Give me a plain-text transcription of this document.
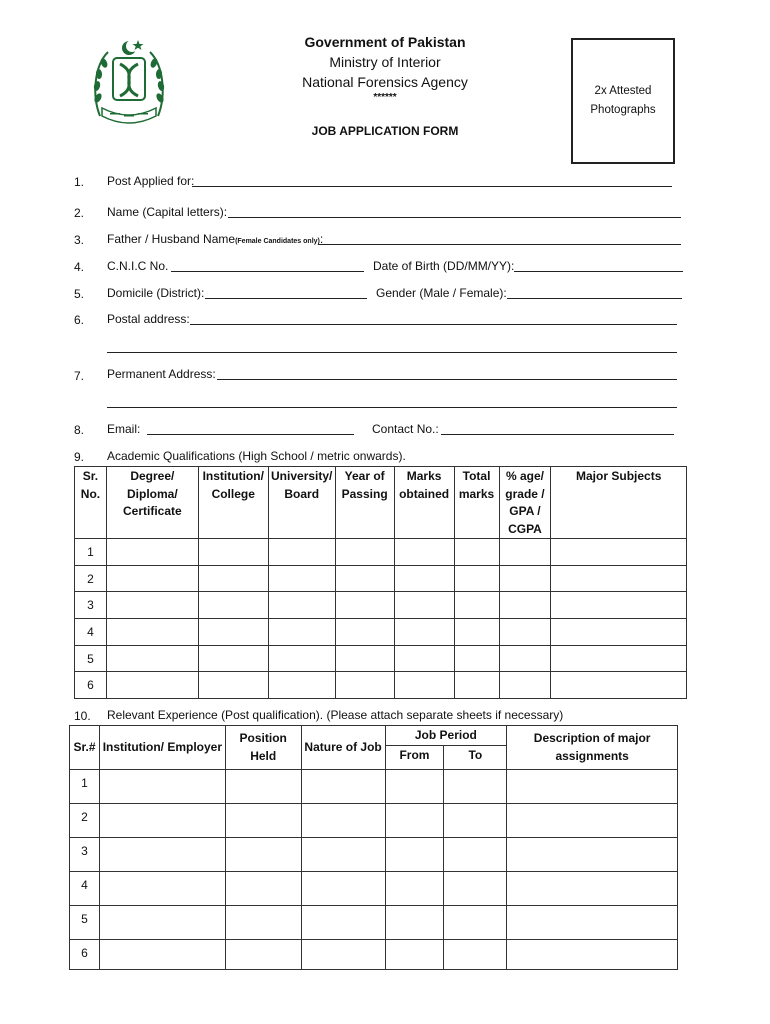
Government of Pakistan
Ministry of Interior
National Forensics Agency
******
JOB APPLICATION FORM
2x Attested
Photographs
1. Post Applied for:
2. Name (Capital letters):
3. Father / Husband Name(Female Candidates only):
4. C.N.I.C No.	Date of Birth (DD/MM/YY):
5. Domicile (District):	Gender (Male / Female):
6. Postal address:
7. Permanent Address:
8. Email:	Contact No.:
9. Academic Qualifications (High School / metric onwards).
Sr. No.	Degree/ Diploma/ Certificate	Institution/ College	University/ Board	Year of Passing	Marks obtained	Total marks	% age/ grade / GPA / CGPA	Major Subjects
1								
2								
3								
4								
5								
6								
10. Relevant Experience (Post qualification). (Please attach separate sheets if necessary)
Sr.#	Institution/ Employer	Position Held	Nature of Job	Job Period		Description of major assignments
				From	To	
1						
2						
3						
4						
5						
6						
